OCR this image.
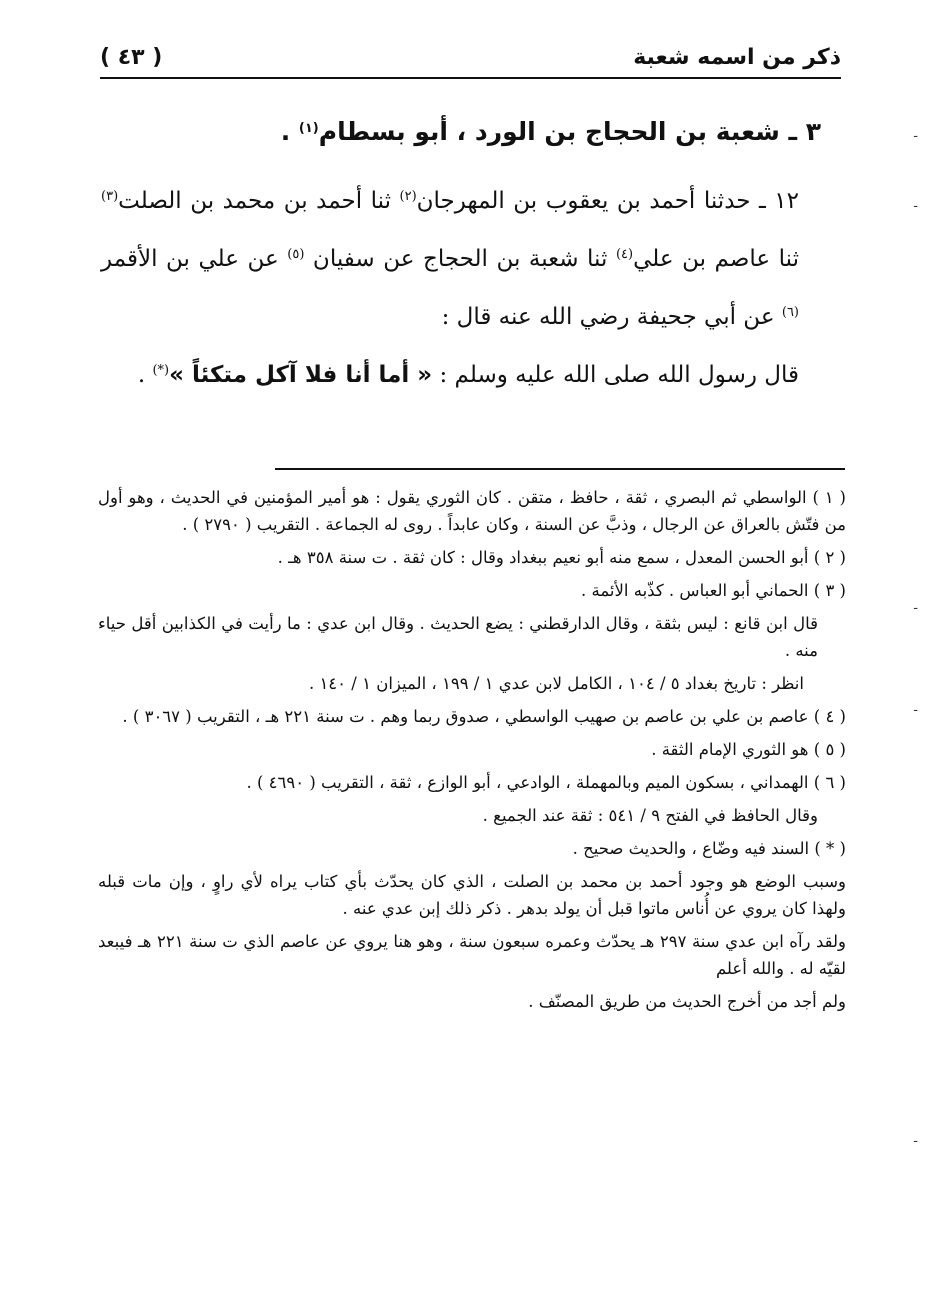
ذكر من اسمه شعبة
( ٤٣ )
٣ ـ شعبة بن الحجاج بن الورد ، أبو بسطام$^{(١)}$ .

١٢ ـ حدثنا أحمد بن يعقوب بن المهرجان$^{(٢)}$ ثنا أحمد بن محمد بن الصلت$^{(٣)}$ ثنا عاصم بن علي$^{(٤)}$ ثنا شعبة بن الحجاج عن سفيان $^{(٥)}$ عن علي بن الأقمر $^{(٦)}$ عن أبي جحيفة رضي الله عنه قال :

قال رسول الله صلى الله عليه وسلم : « أما أنا فلا آكل متكئاً »(*) .

( ١ ) الواسطي ثم البصري ، ثقة ، حافظ ، متقن . كان الثوري يقول : هو أمير المؤمنين في الحديث ، وهو أول من فتّش بالعراق عن الرجال ، وذبَّ عن السنة ، وكان عابداً . روى له الجماعة . التقريب ( ٢٧٩٠ ) .

( ٢ ) أبو الحسن المعدل ، سمع منه أبو نعيم ببغداد وقال : كان ثقة . ت سنة ٣٥٨ هـ .

( ٣ ) الحماني أبو العباس . كذّبه الأئمة .

قال ابن قانع : ليس بثقة ، وقال الدارقطني : يضع الحديث . وقال ابن عدي : ما رأيت في الكذابين أقل حياء منه .

انظر : تاريخ بغداد ٥ / ١٠٤ ، الكامل لابن عدي ١ / ١٩٩ ، الميزان ١ / ١٤٠ .

( ٤ ) عاصم بن علي بن عاصم بن صهيب الواسطي ، صدوق ربما وهم . ت سنة ٢٢١ هـ ، التقريب ( ٣٠٦٧ ) .

( ٥ ) هو الثوري الإمام الثقة .

( ٦ ) الهمداني ، بسكون الميم وبالمهملة ، الوادعي ، أبو الوازع ، ثقة ، التقريب ( ٤٦٩٠ ) .

وقال الحافظ في الفتح ٩ / ٥٤١ : ثقة عند الجميع .

( * ) السند فيه وضّاع ، والحديث صحيح .

وسبب الوضع هو وجود أحمد بن محمد بن الصلت ، الذي كان يحدّث بأي كتاب يراه لأي راوٍ ، وإن مات قبله ولهذا كان يروي عن أُناس ماتوا قبل أن يولد بدهر . ذكر ذلك إبن عدي عنه .

ولقد رآه ابن عدي سنة ٢٩٧ هـ يحدّث وعمره سبعون سنة ، وهو هنا يروي عن عاصم الذي ت سنة ٢٢١ هـ فيبعد لقيّه له . والله أعلم

ولم أجد من أخرج الحديث من طريق المصنّف .

-
-
-
-
-
